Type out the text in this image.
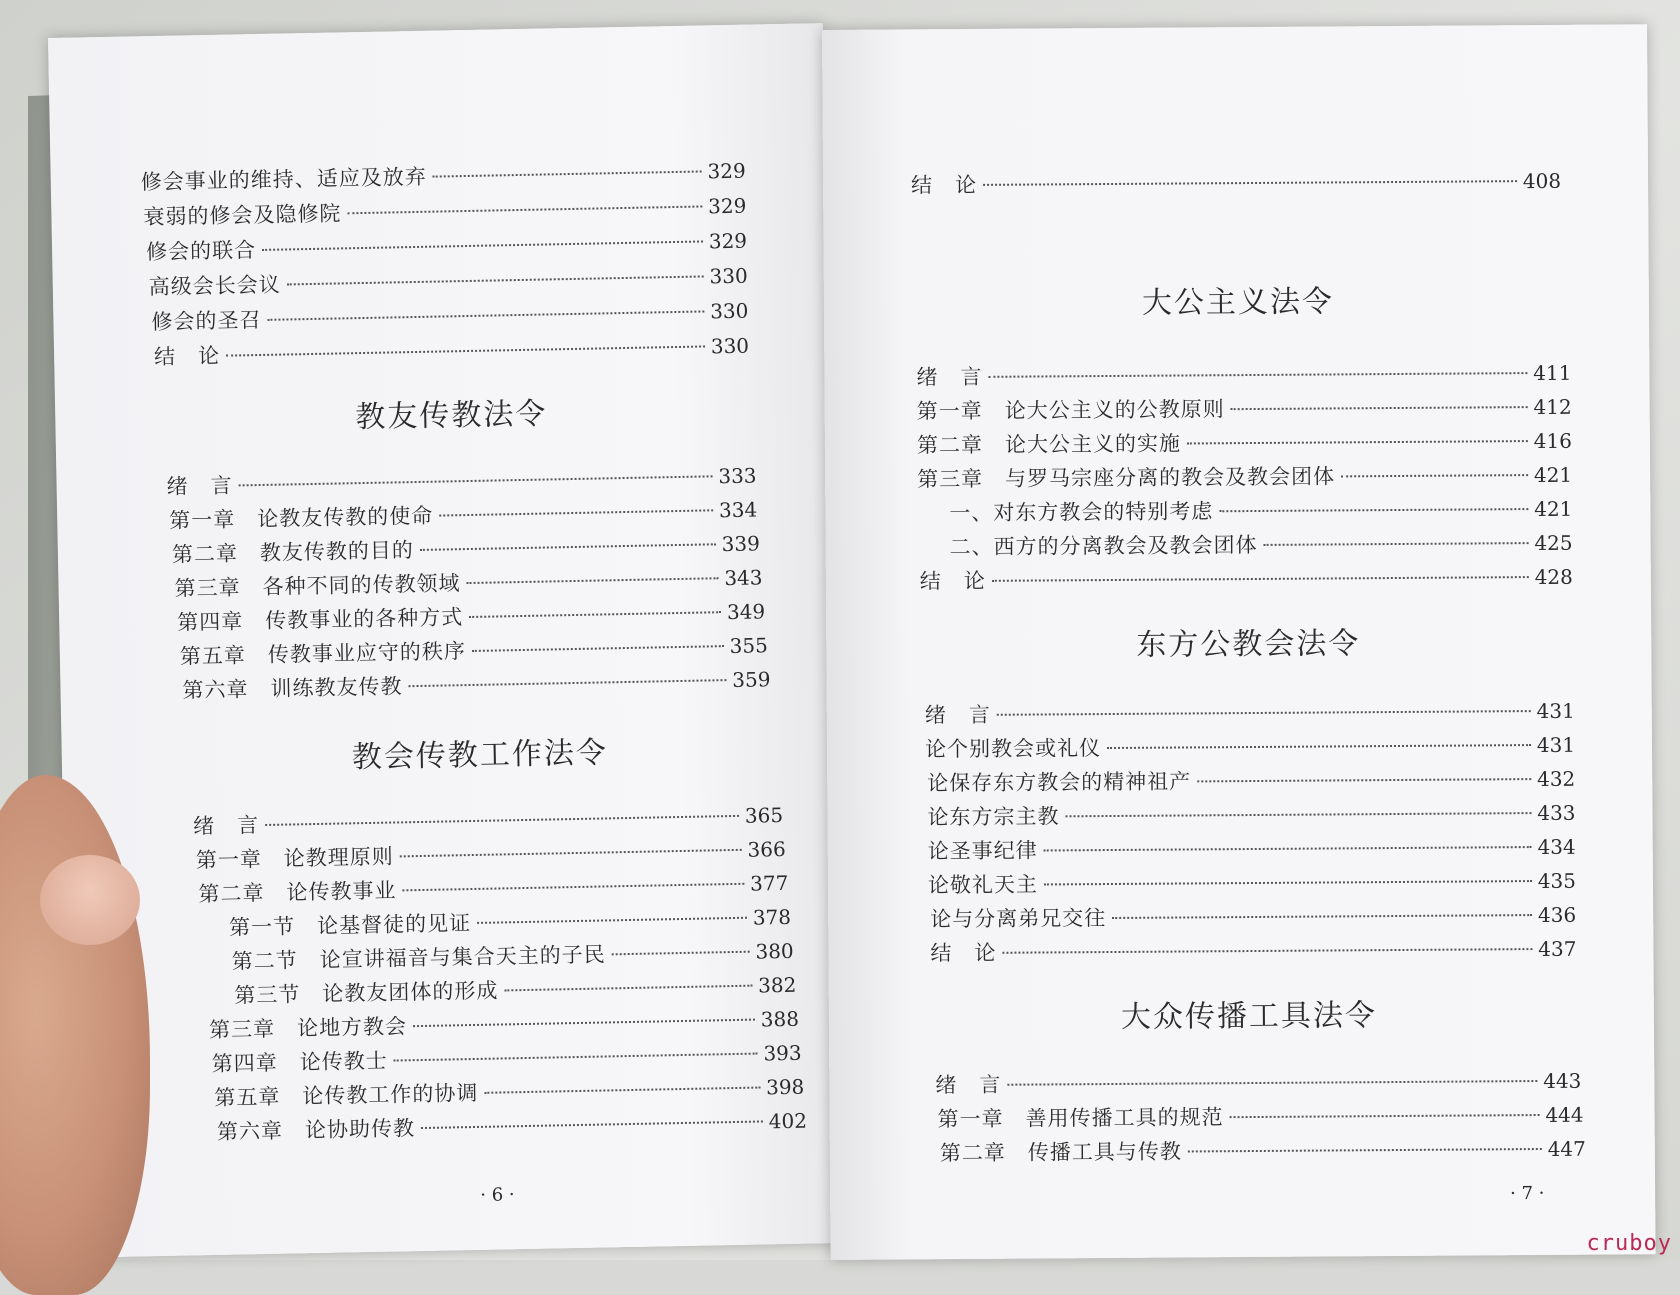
修会事业的维持、适应及放弃	329
衰弱的修会及隐修院	329
修会的联合	329
高级会长会议	330
修会的圣召	330
结　论	330
教友传教法令
绪　言	333
第一章　论教友传教的使命	334
第二章　教友传教的目的	339
第三章　各种不同的传教领域	343
第四章　传教事业的各种方式	349
第五章　传教事业应守的秩序	355
第六章　训练教友传教	359
教会传教工作法令
绪　言	365
第一章　论教理原则	366
第二章　论传教事业	377
第一节　论基督徒的见证	378
第二节　论宣讲福音与集合天主的子民	380
第三节　论教友团体的形成	382
第三章　论地方教会	388
第四章　论传教士	393
第五章　论传教工作的协调	398
第六章　论协助传教	402
· 6 ·
结　论	408
大公主义法令
绪　言	411
第一章　论大公主义的公教原则	412
第二章　论大公主义的实施	416
第三章　与罗马宗座分离的教会及教会团体	421
一、对东方教会的特别考虑	421
二、西方的分离教会及教会团体	425
结　论	428
东方公教会法令
绪　言	431
论个别教会或礼仪	431
论保存东方教会的精神祖产	432
论东方宗主教	433
论圣事纪律	434
论敬礼天主	435
论与分离弟兄交往	436
结　论	437
大众传播工具法令
绪　言	443
第一章　善用传播工具的规范	444
第二章　传播工具与传教	447
· 7 ·
cruboy
